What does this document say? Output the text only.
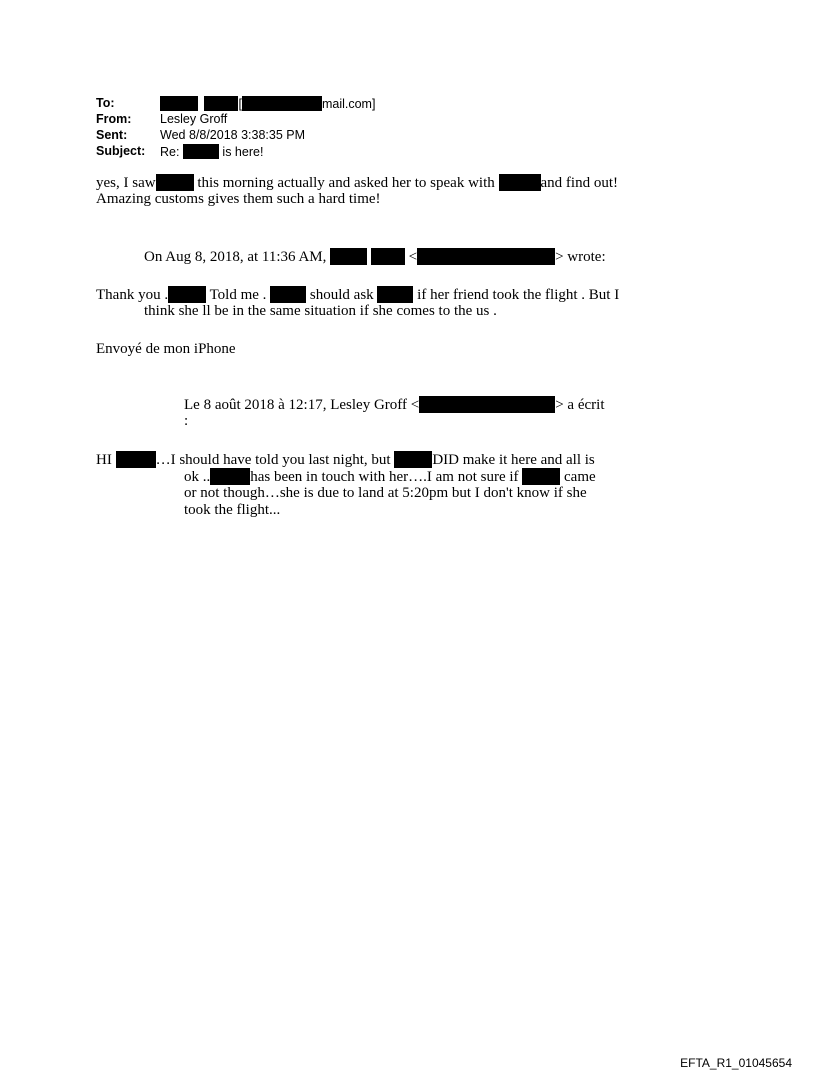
To:	[	mail.com]
From: Lesley Groff
Sent:	Wed 8/8/2018 3:38:35 PM
Subject: Re:	is here!
yes, I saw	this morning actually and asked her to speak with	and find out!
Amazing customs gives them such a hard time!
On Aug 8, 2018, at 11:36 AM,	<	> wrote:
Thank you .	Told me .	should ask	if her friend took the flight . But I
think she ll be in the same situation if she comes to the us .
Envoyé de mon iPhone
Le 8 août 2018 à 12:17, Lesley Groff <	> a écrit
:
HI	…I should have told you last night, but	DID make it here and all is
ok ..	has been in touch with her….I am not sure if	came
or not though…she is due to land at 5:20pm but I don't know if she
took the flight...
EFTA_R1_01045654
